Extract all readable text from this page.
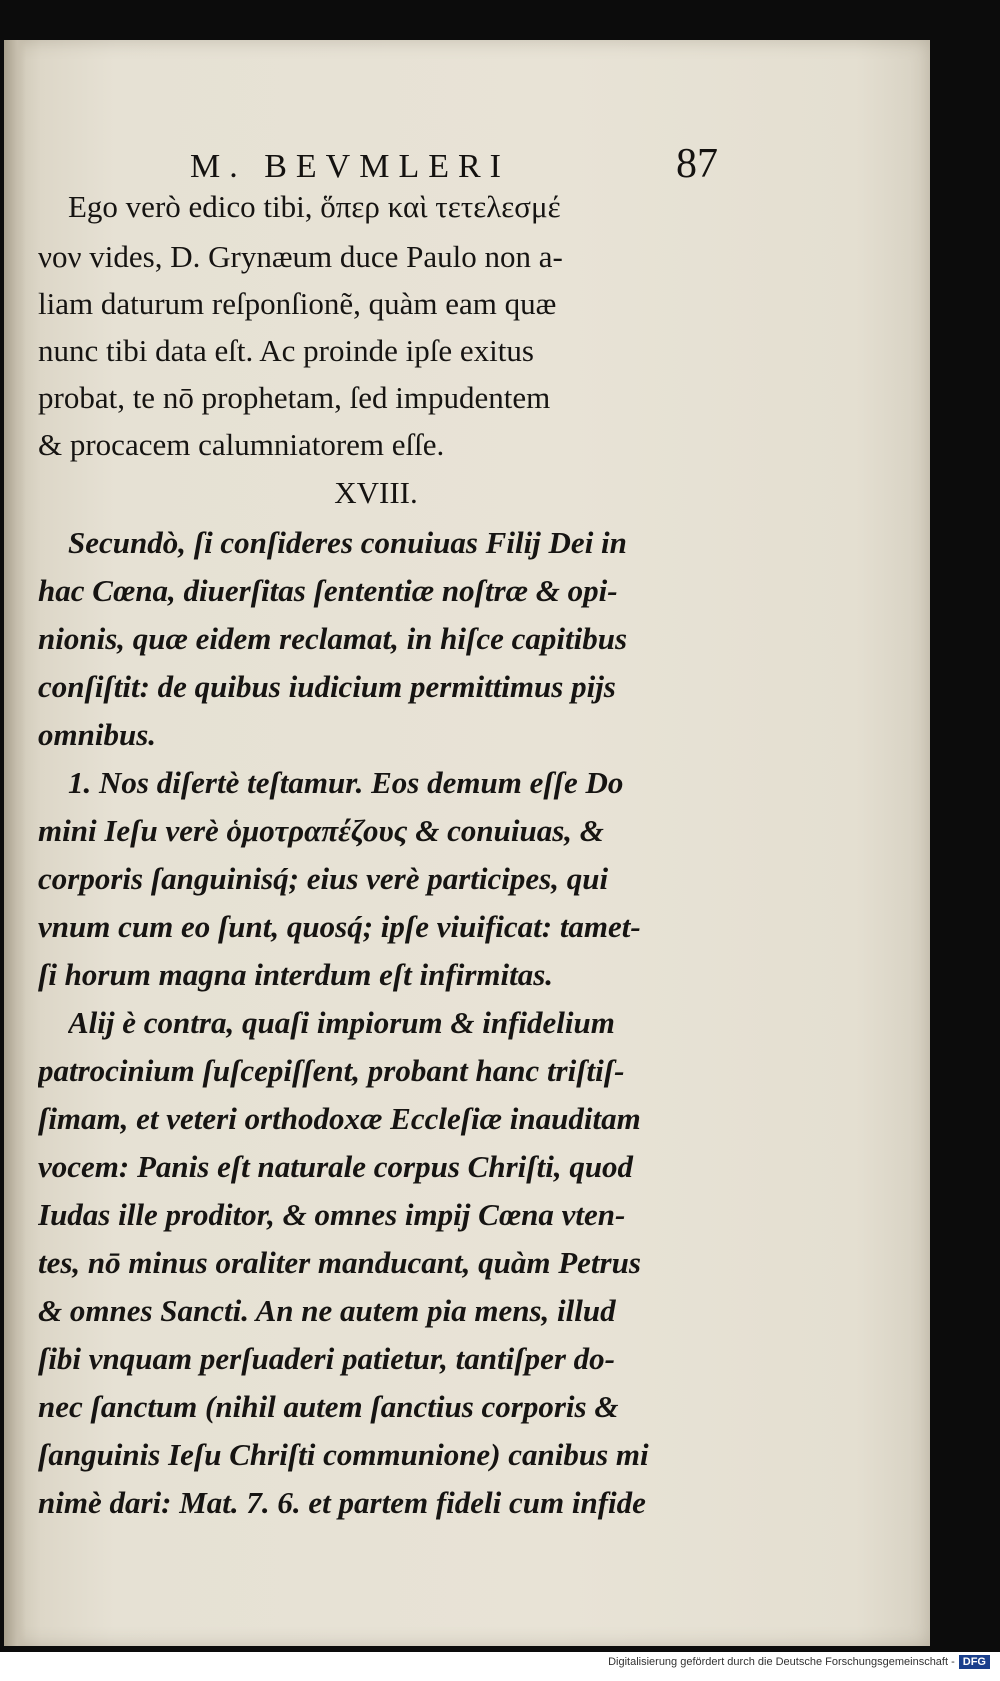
M. BEVMLERI	87
Ego verò edico tibi, ὅπερ καὶ τετελεσμέ
νον vides, D. Grynæum duce Paulo non a-
liam daturum reſponſionẽ, quàm eam quæ
nunc tibi data eſt. Ac proinde ipſe exitus
probat, te nō prophetam, ſed impudentem
& procacem calumniatorem eſſe.
XVIII.
Secundò, ſi conſideres conuiuas Filij Dei in
hac Cœna, diuerſitas ſententiæ noſtræ & opi-
nionis, quæ eidem reclamat, in hiſce capitibus
conſiſtit: de quibus iudicium permittimus pijs
omnibus.
1. Nos diſertè teſtamur. Eos demum eſſe Do
mini Ieſu verè ὁμοτραπέζους & conuiuas, &
corporis ſanguinisq́; eius verè participes, qui
vnum cum eo ſunt, quosq́; ipſe viuificat: tamet-
ſi horum magna interdum eſt infirmitas.
Alij è contra, quaſi impiorum & infidelium
patrocinium ſuſcepiſſent, probant hanc triſtiſ-
ſimam, et veteri orthodoxæ Eccleſiæ inauditam
vocem: Panis eſt naturale corpus Chriſti, quod
Iudas ille proditor, & omnes impij Cœna vten-
tes, nō minus oraliter manducant, quàm Petrus
& omnes Sancti. An ne autem pia mens, illud
ſibi vnquam perſuaderi patietur, tantiſper do-
nec ſanctum (nihil autem ſanctius corporis &
ſanguinis Ieſu Chriſti communione) canibus mi
nimè dari: Mat. 7. 6. et partem fideli cum infide
Digitalisierung gefördert durch die Deutsche Forschungsgemeinschaft - DFG
